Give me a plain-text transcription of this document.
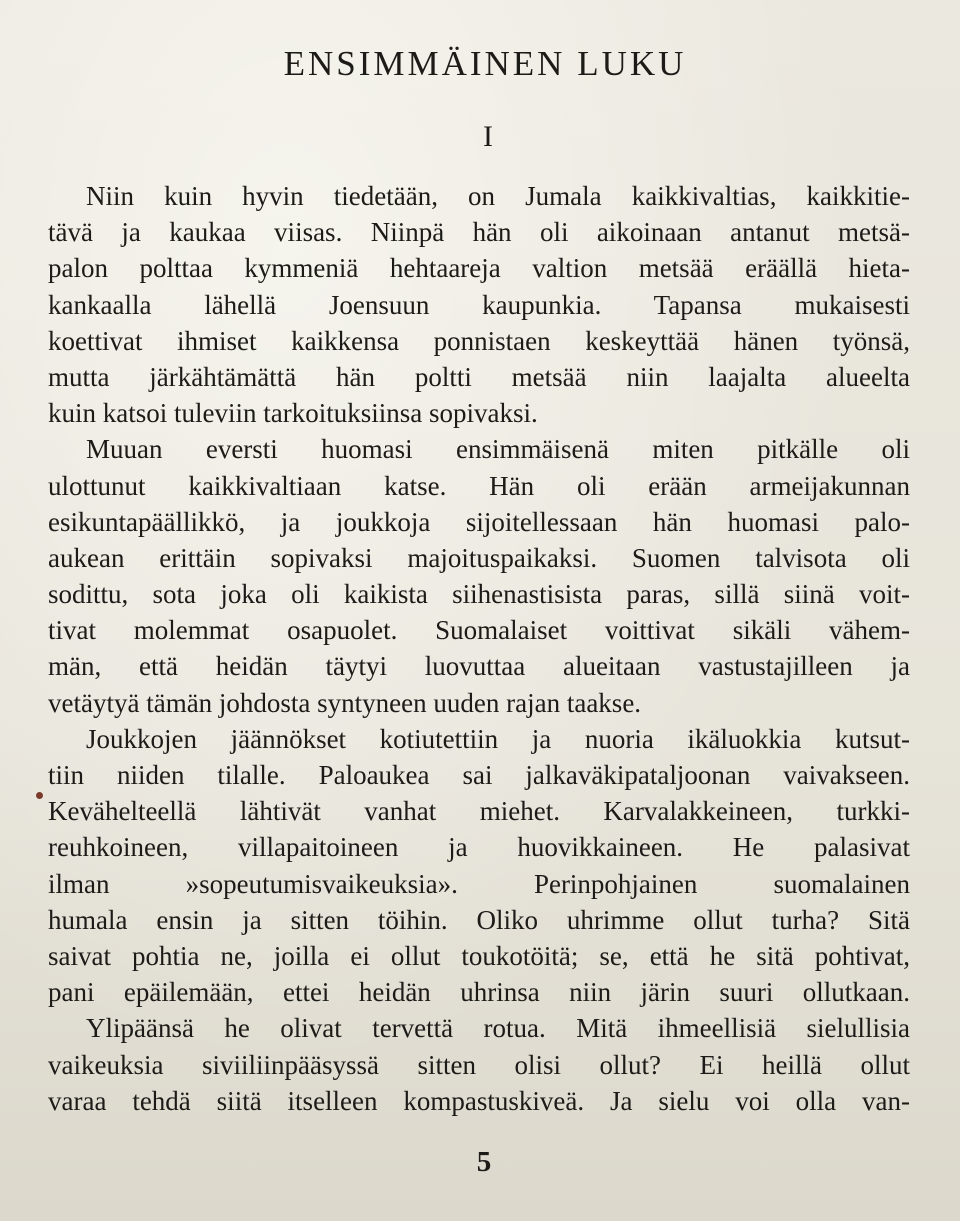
ENSIMMÄINEN LUKU
I
Niin kuin hyvin tiedetään, on Jumala kaikkivaltias, kaikkitie-
tävä ja kaukaa viisas. Niinpä hän oli aikoinaan antanut metsä-
palon polttaa kymmeniä hehtaareja valtion metsää eräällä hieta-
kankaalla lähellä Joensuun kaupunkia. Tapansa mukaisesti
koettivat ihmiset kaikkensa ponnistaen keskeyttää hänen työnsä,
mutta järkähtämättä hän poltti metsää niin laajalta alueelta
kuin katsoi tuleviin tarkoituksiinsa sopivaksi.
Muuan eversti huomasi ensimmäisenä miten pitkälle oli
ulottunut kaikkivaltiaan katse. Hän oli erään armeijakunnan
esikuntapäällikkö, ja joukkoja sijoitellessaan hän huomasi palo-
aukean erittäin sopivaksi majoituspaikaksi. Suomen talvisota oli
sodittu, sota joka oli kaikista siihenastisista paras, sillä siinä voit-
tivat molemmat osapuolet. Suomalaiset voittivat sikäli vähem-
män, että heidän täytyi luovuttaa alueitaan vastustajilleen ja
vetäytyä tämän johdosta syntyneen uuden rajan taakse.
Joukkojen jäännökset kotiutettiin ja nuoria ikäluokkia kutsut-
tiin niiden tilalle. Paloaukea sai jalkaväkipataljoonan vaivakseen.
Kevähelteellä lähtivät vanhat miehet. Karvalakkeineen, turkki-
reuhkoineen, villapaitoineen ja huovikkaineen. He palasivat
ilman »sopeutumisvaikeuksia». Perinpohjainen suomalainen
humala ensin ja sitten töihin. Oliko uhrimme ollut turha? Sitä
saivat pohtia ne, joilla ei ollut toukotöitä; se, että he sitä pohtivat,
pani epäilemään, ettei heidän uhrinsa niin järin suuri ollutkaan.
Ylipäänsä he olivat tervettä rotua. Mitä ihmeellisiä sielullisia
vaikeuksia siviiliinpääsyssä sitten olisi ollut? Ei heillä ollut
varaa tehdä siitä itselleen kompastuskiveä. Ja sielu voi olla van-
5
